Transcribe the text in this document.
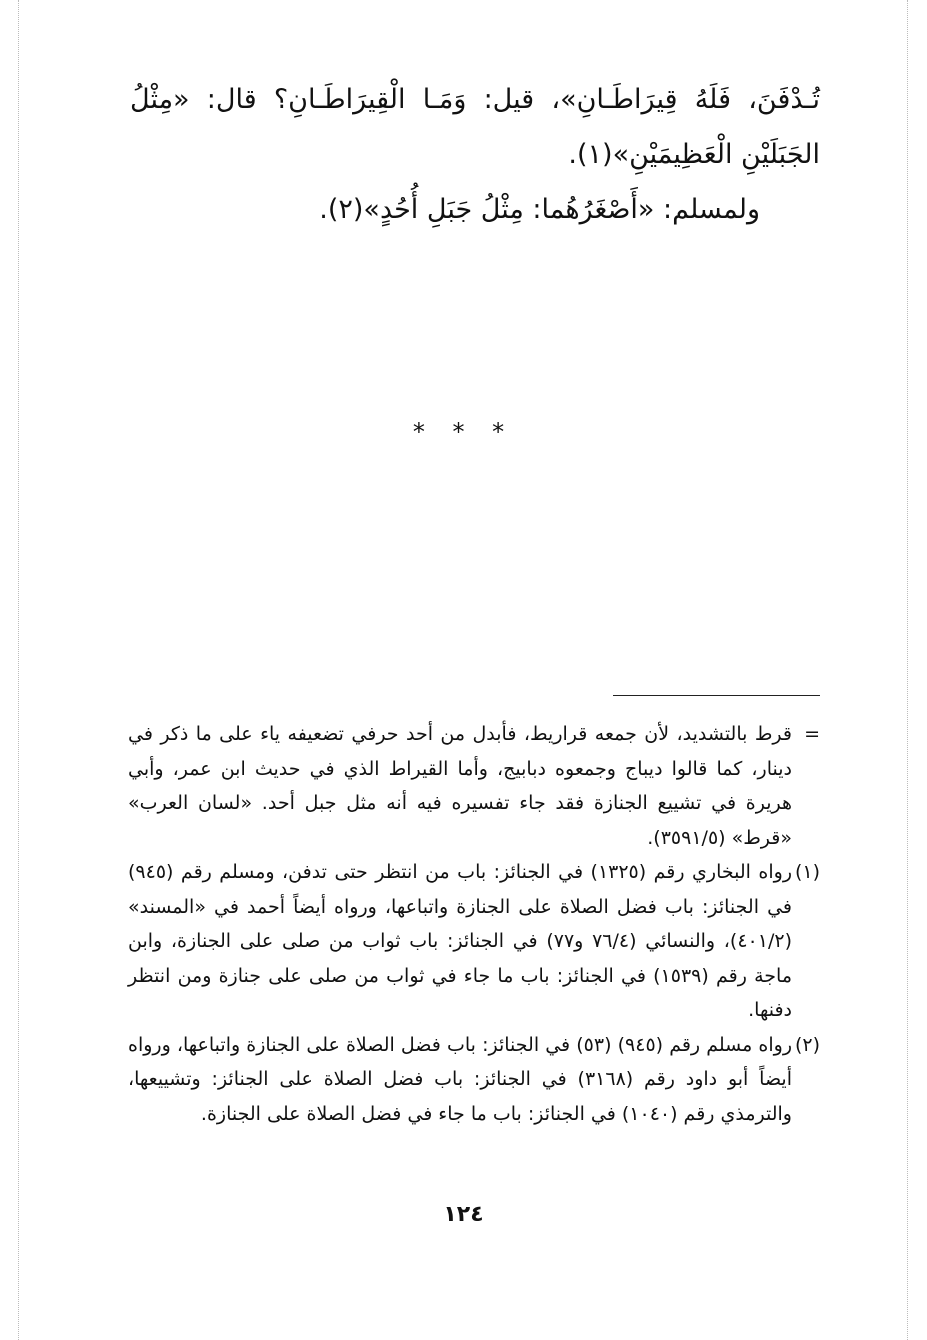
تُـدْفَنَ، فَلَهُ قِيرَاطَـانِ»، قيل: وَمَـا الْقِيرَاطَـانِ؟ قال: «مِثْلُ الجَبَلَيْنِ الْعَظِيمَيْنِ»(١).

ولمسلم: «أَصْغَرُهُما: مِثْلُ جَبَلِ أُحُدٍ»(٢).

* * *

=
قرط بالتشديد، لأن جمعه قراريط، فأبدل من أحد حرفي تضعيفه ياء على ما ذكر في دينار، كما قالوا ديباج وجمعوه دبابيج، وأما القيراط الذي في حديث ابن عمر، وأبي هريرة في تشييع الجنازة فقد جاء تفسيره فيه أنه مثل جبل أحد. «لسان العرب» «قرط» (٣٥٩١/٥).

(١)
رواه البخاري رقم (١٣٢٥) في الجنائز: باب من انتظر حتى تدفن، ومسلم رقم (٩٤٥) في الجنائز: باب فضل الصلاة على الجنازة واتباعها، ورواه أيضاً أحمد في «المسند» (٤٠١/٢)، والنسائي (٧٦/٤ و٧٧) في الجنائز: باب ثواب من صلى على الجنازة، وابن ماجة رقم (١٥٣٩) في الجنائز: باب ما جاء في ثواب من صلى على جنازة ومن انتظر دفنها.

(٢)
رواه مسلم رقم (٩٤٥) (٥٣) في الجنائز: باب فضل الصلاة على الجنازة واتباعها، ورواه أيضاً أبو داود رقم (٣١٦٨) في الجنائز: باب فضل الصلاة على الجنائز: وتشييعها، والترمذي رقم (١٠٤٠) في الجنائز: باب ما جاء في فضل الصلاة على الجنازة.

١٢٤
